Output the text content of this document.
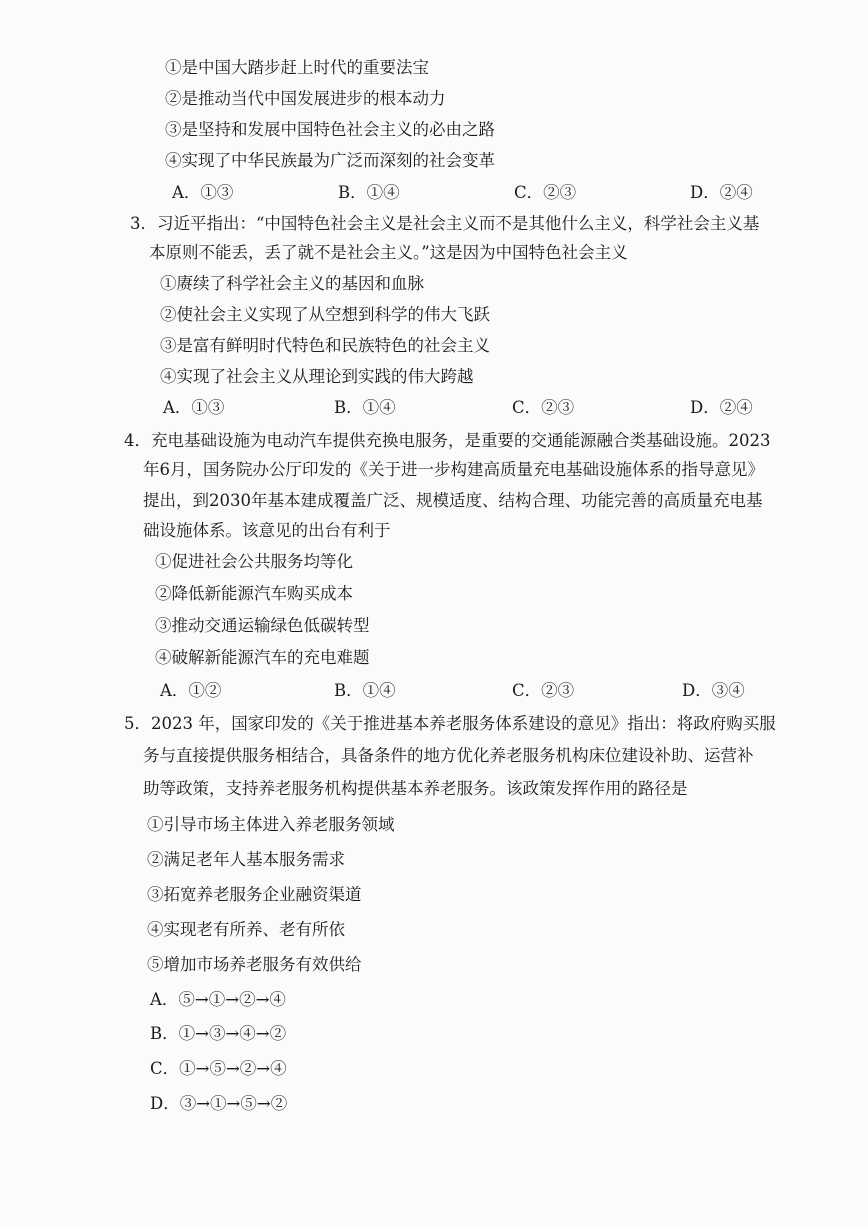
①是中国大踏步赶上时代的重要法宝
②是推动当代中国发展进步的根本动力
③是坚持和发展中国特色社会主义的必由之路
④实现了中华民族最为广泛而深刻的社会变革
A．①③	B．①④	C．②③	D．②④
3．习近平指出：“中国特色社会主义是社会主义而不是其他什么主义，科学社会主义基
本原则不能丢，丢了就不是社会主义。”这是因为中国特色社会主义
①赓续了科学社会主义的基因和血脉
②使社会主义实现了从空想到科学的伟大飞跃
③是富有鲜明时代特色和民族特色的社会主义
④实现了社会主义从理论到实践的伟大跨越
A．①③	B．①④	C．②③	D．②④
4．充电基础设施为电动汽车提供充换电服务，是重要的交通能源融合类基础设施。2023
年6月，国务院办公厅印发的《关于进一步构建高质量充电基础设施体系的指导意见》
提出，到2030年基本建成覆盖广泛、规模适度、结构合理、功能完善的高质量充电基
础设施体系。该意见的出台有利于
①促进社会公共服务均等化
②降低新能源汽车购买成本
③推动交通运输绿色低碳转型
④破解新能源汽车的充电难题
A．①②	B．①④	C．②③	D．③④
5．2023 年，国家印发的《关于推进基本养老服务体系建设的意见》指出：将政府购买服
务与直接提供服务相结合，具备条件的地方优化养老服务机构床位建设补助、运营补
助等政策，支持养老服务机构提供基本养老服务。该政策发挥作用的路径是
①引导市场主体进入养老服务领域
②满足老年人基本服务需求
③拓宽养老服务企业融资渠道
④实现老有所养、老有所依
⑤增加市场养老服务有效供给
A．⑤→①→②→④
B．①→③→④→②
C．①→⑤→②→④
D．③→①→⑤→②
